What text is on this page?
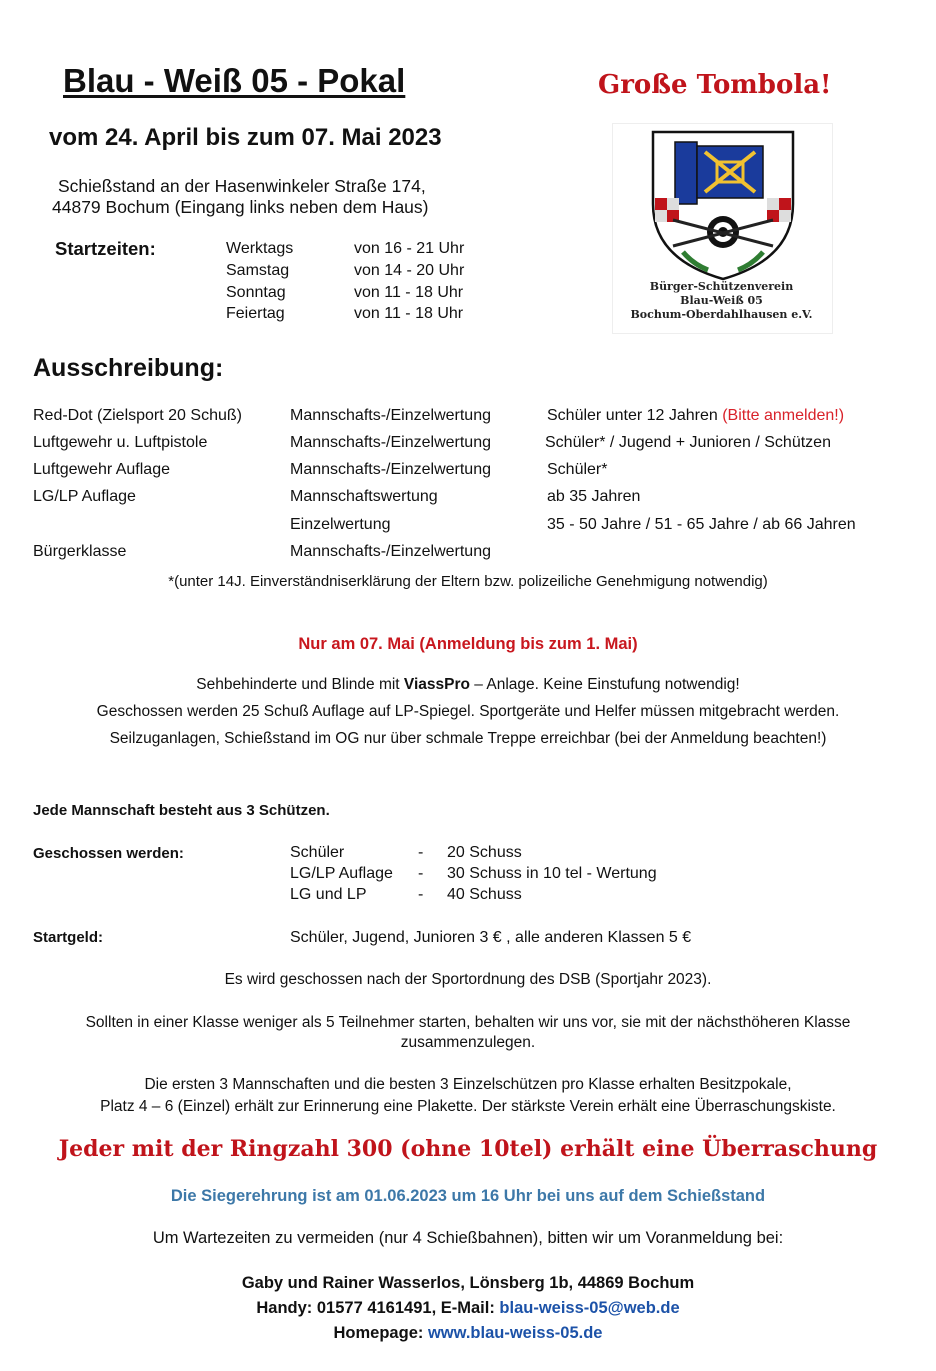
Blau - Weiß 05 - Pokal
vom 24. April bis zum 07. Mai 2023
Große Tombola!
Schießstand an der Hasenwinkeler Straße 174,
44879 Bochum (Eingang links neben dem Haus)
Startzeiten:	Werktags	von 16 - 21 Uhr
Samstag	von 14 - 20 Uhr
Sonntag	von 11 - 18 Uhr
Feiertag	von 11 - 18 Uhr
Bürger-Schützenverein
Blau-Weiß 05
Bochum-Oberdahlhausen e.V.
Ausschreibung:
Red-Dot (Zielsport 20 Schuß)	Mannschafts-/Einzelwertung	Schüler unter 12 Jahren (Bitte anmelden!)
Luftgewehr u. Luftpistole	Mannschafts-/Einzelwertung	Schüler* / Jugend + Junioren / Schützen
Luftgewehr Auflage	Mannschafts-/Einzelwertung	Schüler*
LG/LP Auflage	Mannschaftswertung	ab 35 Jahren
Einzelwertung	35 - 50 Jahre / 51 - 65 Jahre / ab 66 Jahren
Bürgerklasse	Mannschafts-/Einzelwertung
*(unter 14J. Einverständniserklärung der Eltern bzw. polizeiliche Genehmigung notwendig)
Nur am 07. Mai (Anmeldung bis zum 1. Mai)
Sehbehinderte und Blinde mit ViassPro – Anlage. Keine Einstufung notwendig!
Geschossen werden 25 Schuß Auflage auf LP-Spiegel. Sportgeräte und Helfer müssen mitgebracht werden.
Seilzuganlagen, Schießstand im OG nur über schmale Treppe erreichbar (bei der Anmeldung beachten!)
Jede Mannschaft besteht aus 3 Schützen.
Geschossen werden:	Schüler	- 20 Schuss
LG/LP Auflage - 30 Schuss in 10 tel - Wertung
LG und LP	- 40 Schuss
Startgeld:	Schüler, Jugend, Junioren 3 € , alle anderen Klassen 5 €
Es wird geschossen nach der Sportordnung des DSB (Sportjahr 2023).
Sollten in einer Klasse weniger als 5 Teilnehmer starten, behalten wir uns vor, sie mit der nächsthöheren Klasse
zusammenzulegen.
Die ersten 3 Mannschaften und die besten 3 Einzelschützen pro Klasse erhalten Besitzpokale,
Platz 4 – 6 (Einzel) erhält zur Erinnerung eine Plakette. Der stärkste Verein erhält eine Überraschungskiste.
Jeder mit der Ringzahl 300 (ohne 10tel) erhält eine Überraschung
Die Siegerehrung ist am 01.06.2023 um 16 Uhr bei uns auf dem Schießstand
Um Wartezeiten zu vermeiden (nur 4 Schießbahnen), bitten wir um Voranmeldung bei:
Gaby und Rainer Wasserlos, Lönsberg 1b, 44869 Bochum
Handy: 01577 4161491, E-Mail: blau-weiss-05@web.de
Homepage: www.blau-weiss-05.de
